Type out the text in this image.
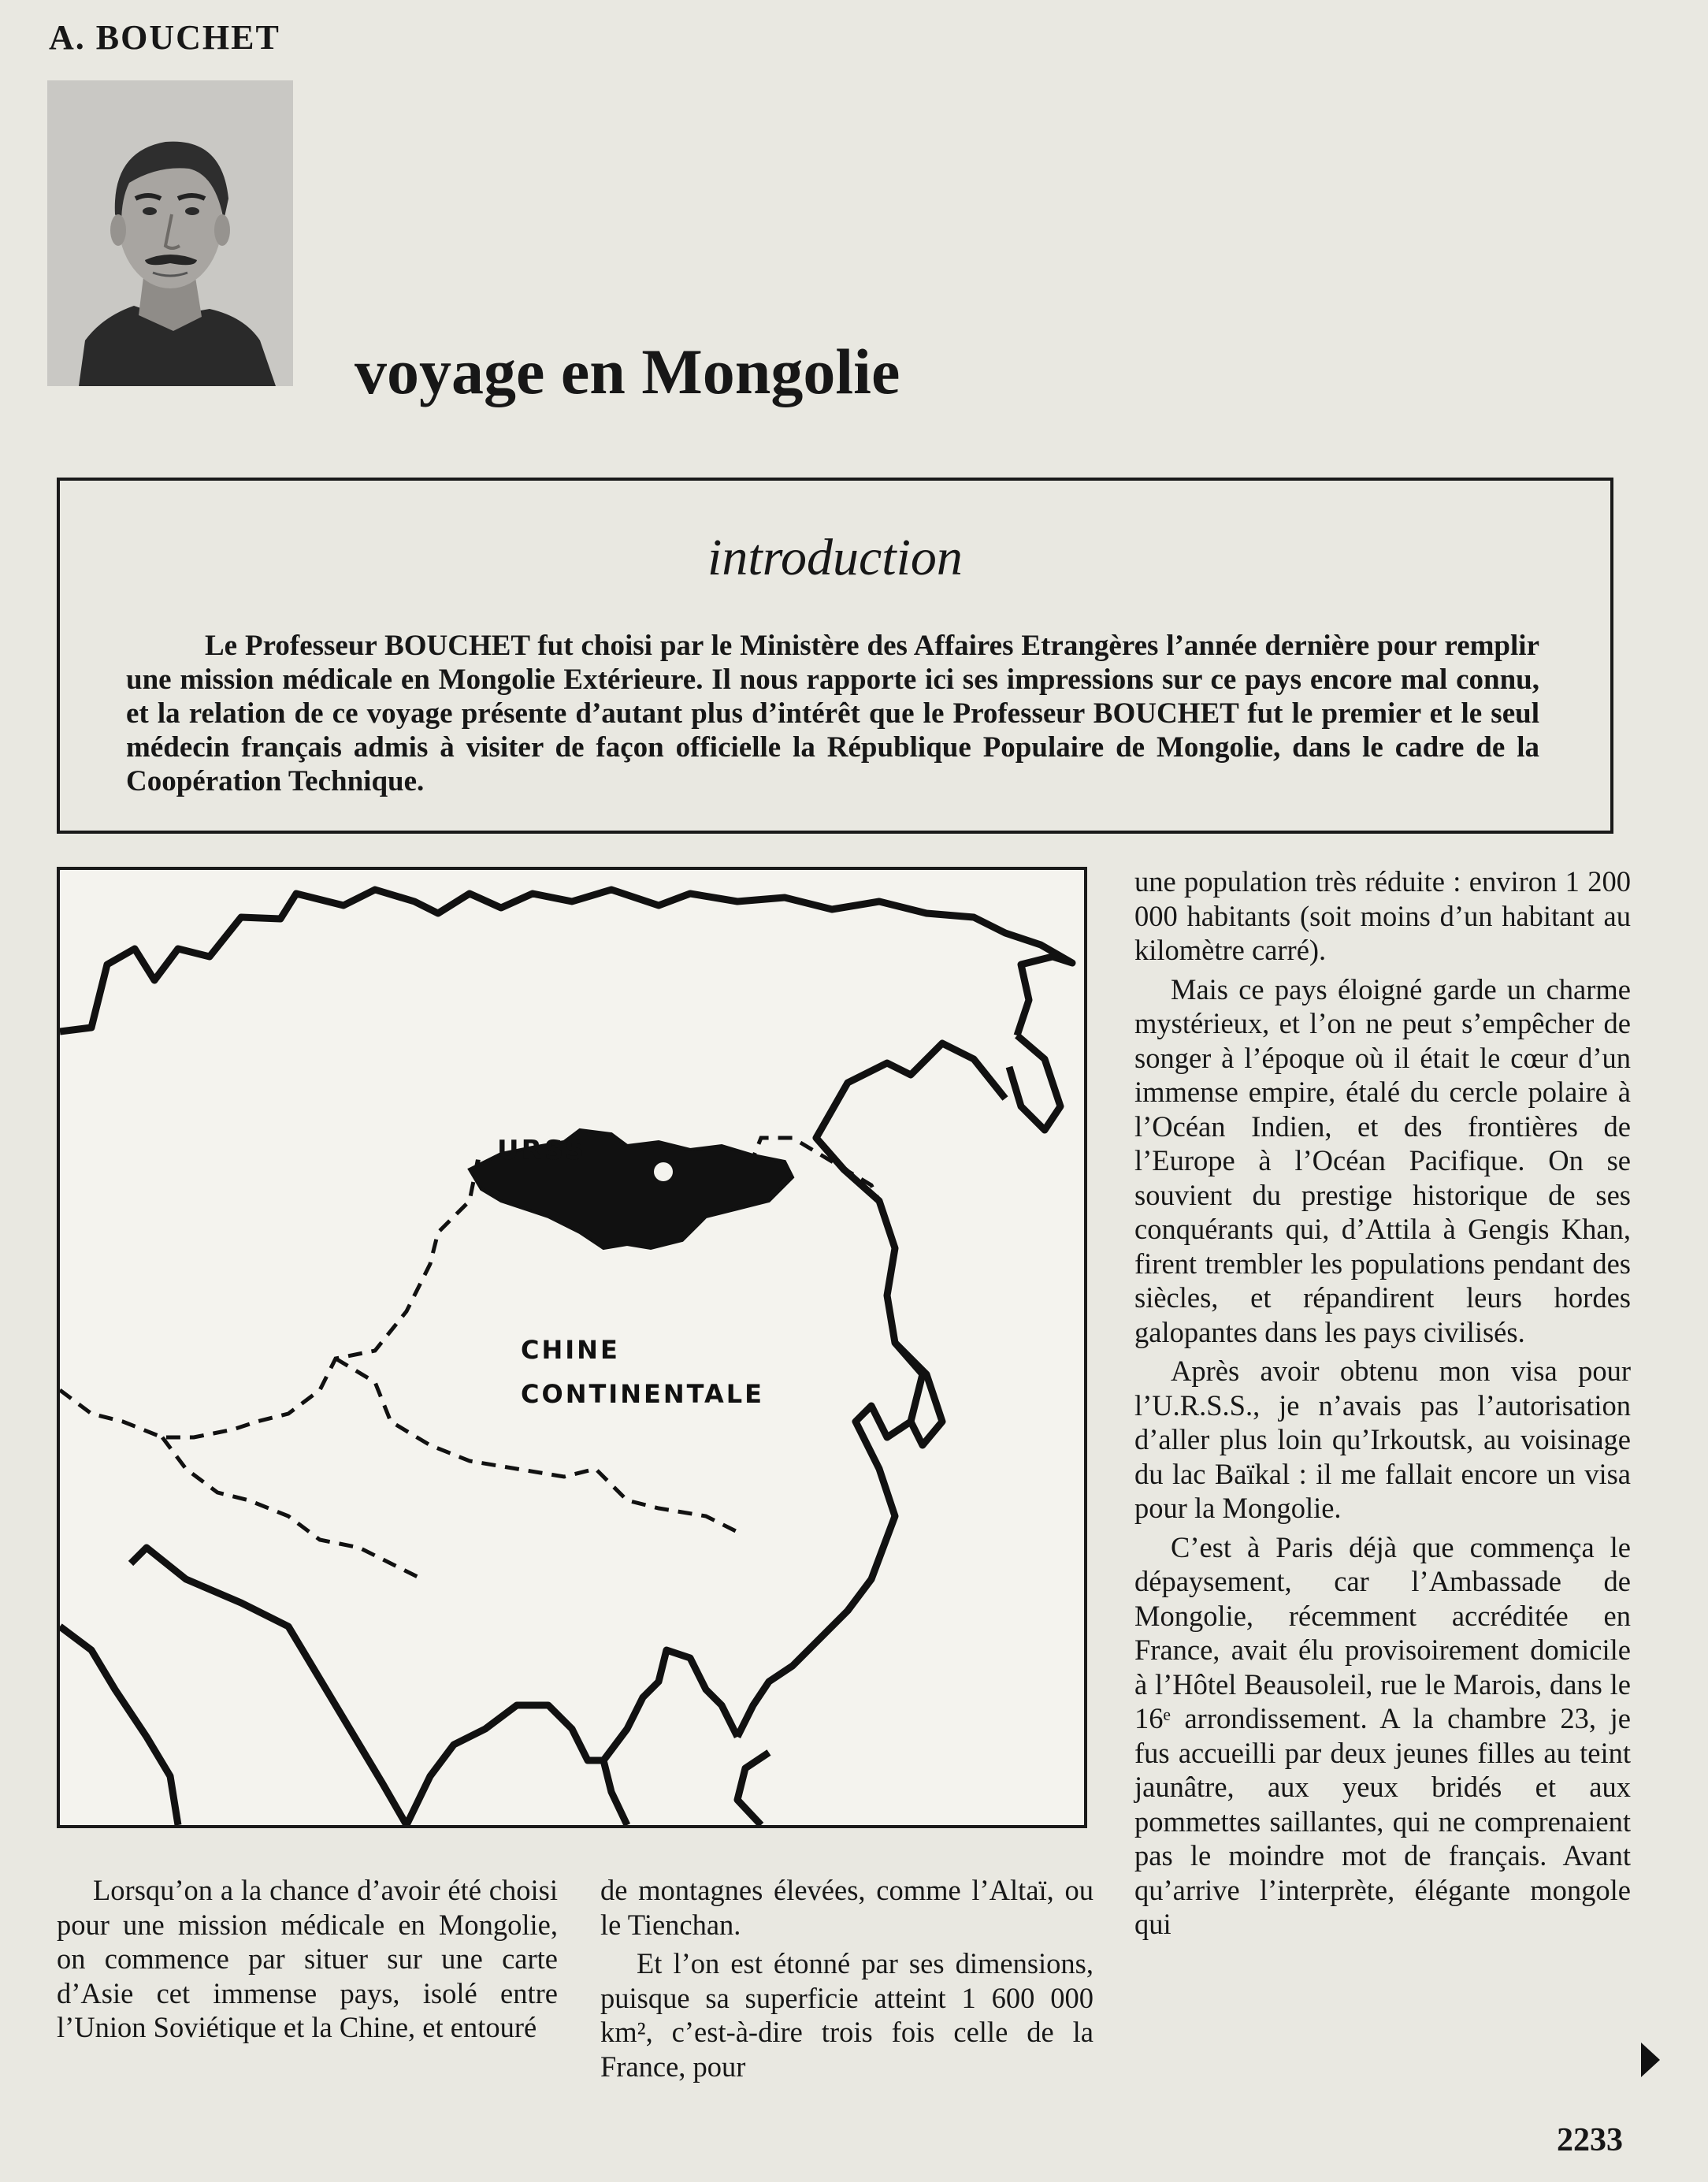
A. BOUCHET
voyage en Mongolie
introduction

Le Professeur BOUCHET fut choisi par le Ministère des Affaires Etrangères l’année dernière pour remplir une mission médicale en Mongolie Extérieure. Il nous rapporte ici ses impressions sur ce pays encore mal connu, et la relation de ce voyage présente d’autant plus d’intérêt que le Professeur BOUCHET fut le premier et le seul médecin français admis à visiter de façon officielle la République Populaire de Mongolie, dans le cadre de la Coopération Technique.

URSS
MONGOLIE
CHINE
CONTINENTALE

une population très réduite : environ 1 200 000 habitants (soit moins d’un habitant au kilomètre carré).

Mais ce pays éloigné garde un charme mystérieux, et l’on ne peut s’empêcher de songer à l’époque où il était le cœur d’un immense empire, étalé du cercle polaire à l’Océan Indien, et des frontières de l’Europe à l’Océan Pacifique. On se souvient du prestige historique de ses conquérants qui, d’Attila à Gengis Khan, firent trembler les populations pendant des siècles, et répandirent leurs hordes galopantes dans les pays civilisés.

Après avoir obtenu mon visa pour l’U.R.S.S., je n’avais pas l’autorisation d’aller plus loin qu’Irkoutsk, au voisinage du lac Baïkal : il me fallait encore un visa pour la Mongolie.

C’est à Paris déjà que commença le dépaysement, car l’Ambassade de Mongolie, récemment accréditée en France, avait élu provisoirement domicile à l’Hôtel Beausoleil, rue le Marois, dans le 16ᵉ arrondissement. A la chambre 23, je fus accueilli par deux jeunes filles au teint jaunâtre, aux yeux bridés et aux pommettes saillantes, qui ne comprenaient pas le moindre mot de français. Avant qu’arrive l’interprète, élégante mongole qui

Lorsqu’on a la chance d’avoir été choisi pour une mission médicale en Mongolie, on commence par situer sur une carte d’Asie cet immense pays, isolé entre l’Union Soviétique et la Chine, et entouré

de montagnes élevées, comme l’Altaï, ou le Tienchan.

Et l’on est étonné par ses dimensions, puisque sa superficie atteint 1 600 000 km², c’est-à-dire trois fois celle de la France, pour

2233
